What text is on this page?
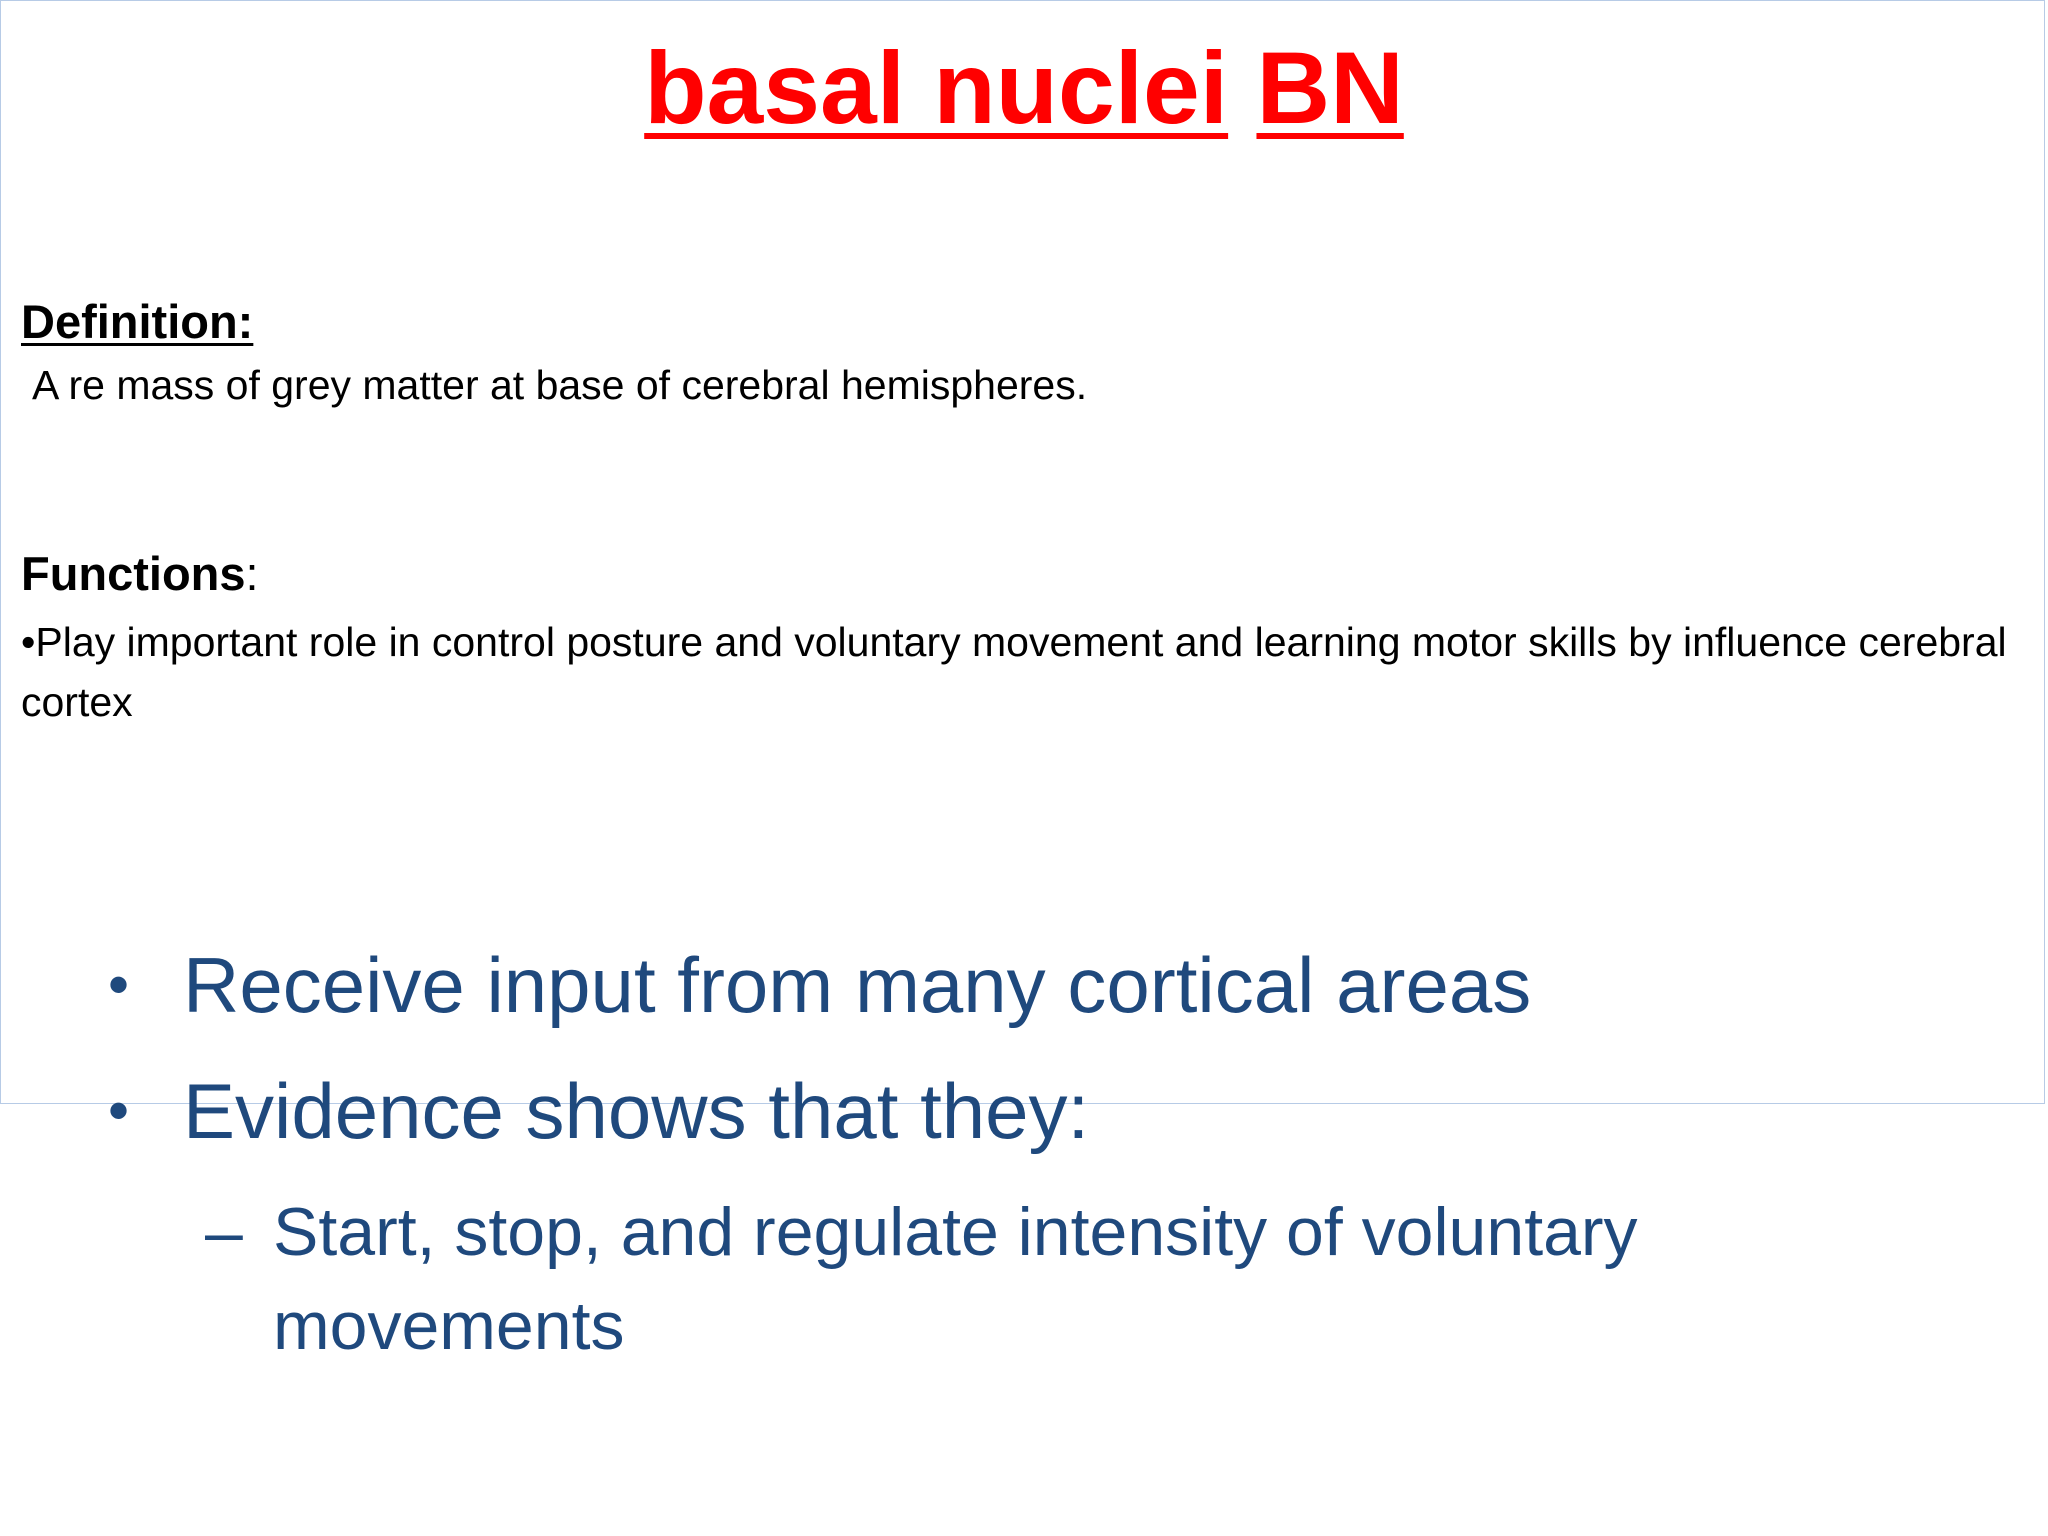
basal nuclei BN
Definition:
A re mass of grey matter at base of cerebral hemispheres.
Functions:
•Play important role in control posture and voluntary movement and learning motor skills by influence cerebral cortex
• Receive input from many cortical areas
• Evidence shows that they:
– Start, stop, and regulate intensity of voluntary movements
